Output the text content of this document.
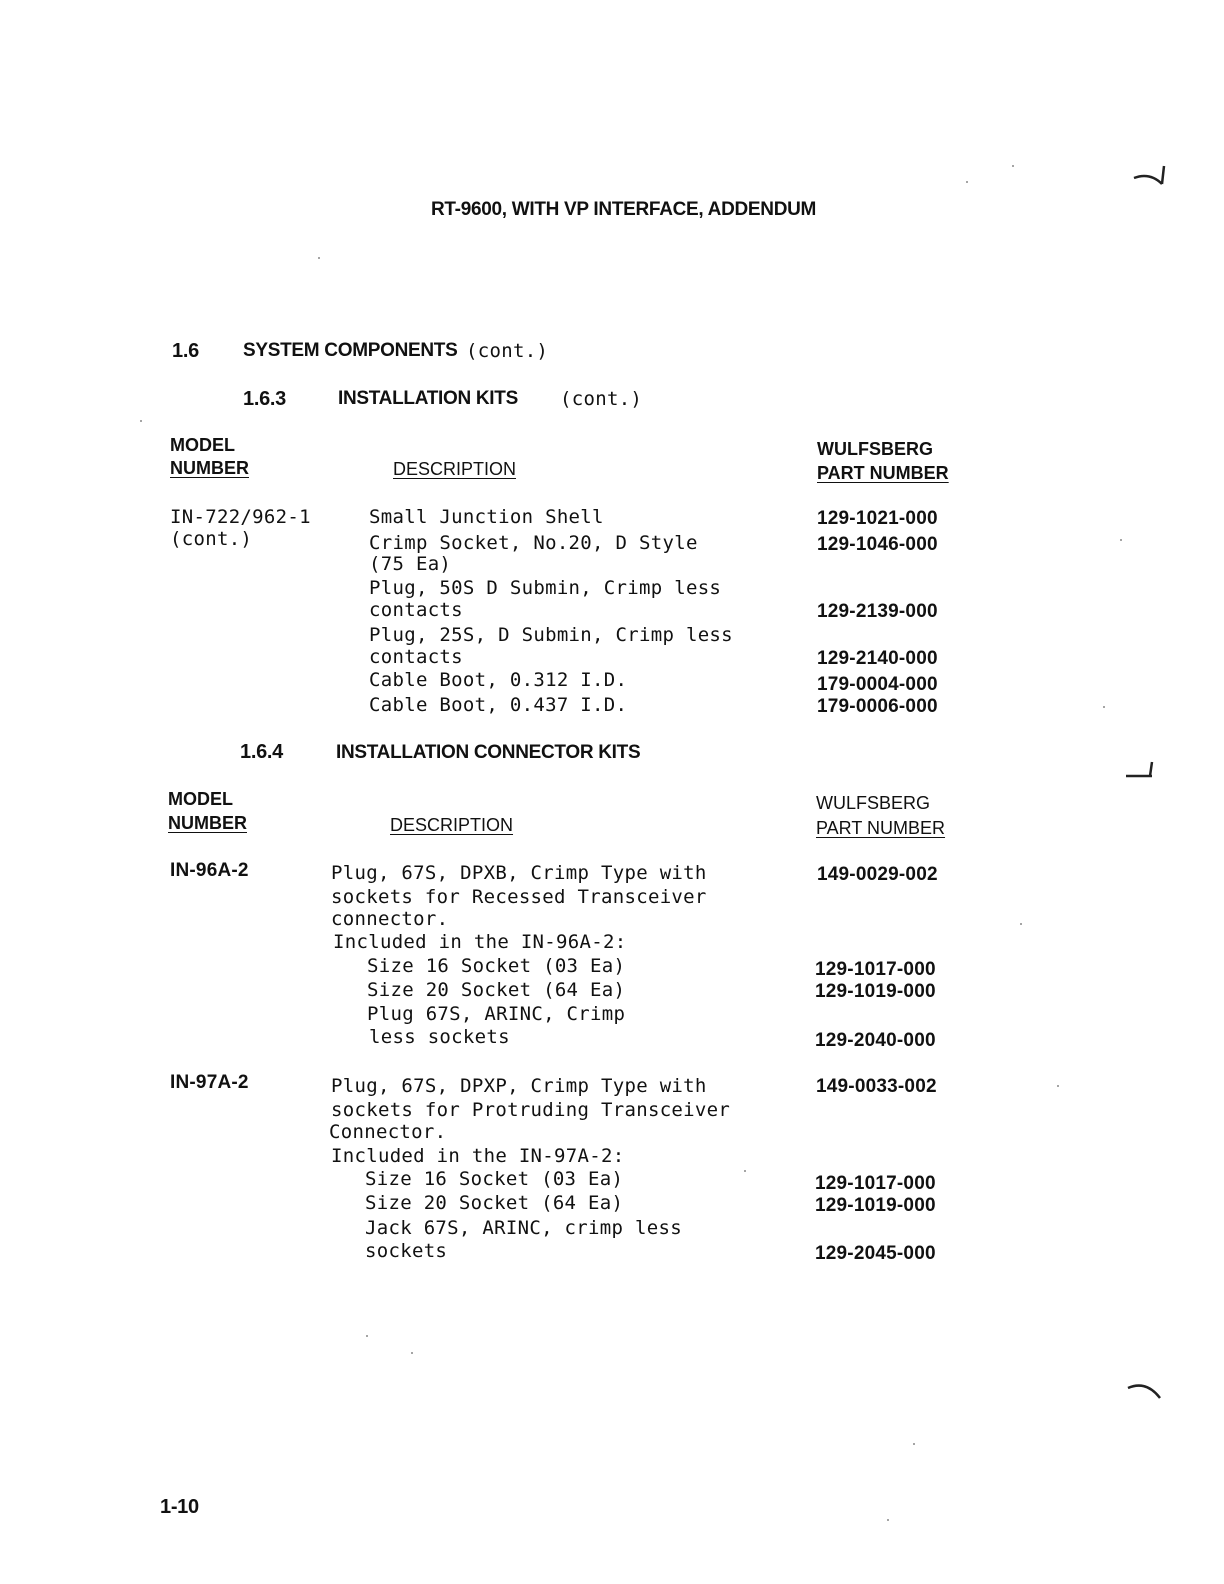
RT-9600, WITH VP INTERFACE, ADDENDUM
1.6 SYSTEM COMPONENTS (cont.)
1.6.3	INSTALLATION KITS (cont.)
MODEL
NUMBER	DESCRIPTION
WULFSBERG
PART NUMBER
IN-722/962-1
(cont.)
Small Junction Shell	129-1021-000
Crimp Socket, No.20, D Style	129-1046-000
(75 Ea)
Plug, 50S D Submin, Crimp less
contacts	129-2139-000
Plug, 25S, D Submin, Crimp less
contacts	129-2140-000
Cable Boot, 0.312 I.D.	179-0004-000
Cable Boot, 0.437 I.D.	179-0006-000
1.6.4	INSTALLATION CONNECTOR KITS
MODEL
NUMBER	DESCRIPTION
WULFSBERG
PART NUMBER
IN-96A-2	Plug, 67S, DPXB, Crimp Type with	149-0029-002
sockets for Recessed Transceiver
connector.
Included in the IN-96A-2:
Size 16 Socket (03 Ea)	129-1017-000
Size 20 Socket (64 Ea)	129-1019-000
Plug 67S, ARINC, Crimp
less sockets	129-2040-000
IN-97A-2	Plug, 67S, DPXP, Crimp Type with	149-0033-002
sockets for Protruding Transceiver
Connector.
Included in the IN-97A-2:
Size 16 Socket (03 Ea)	129-1017-000
Size 20 Socket (64 Ea)	129-1019-000
Jack 67S, ARINC, crimp less
sockets	129-2045-000
1-10
